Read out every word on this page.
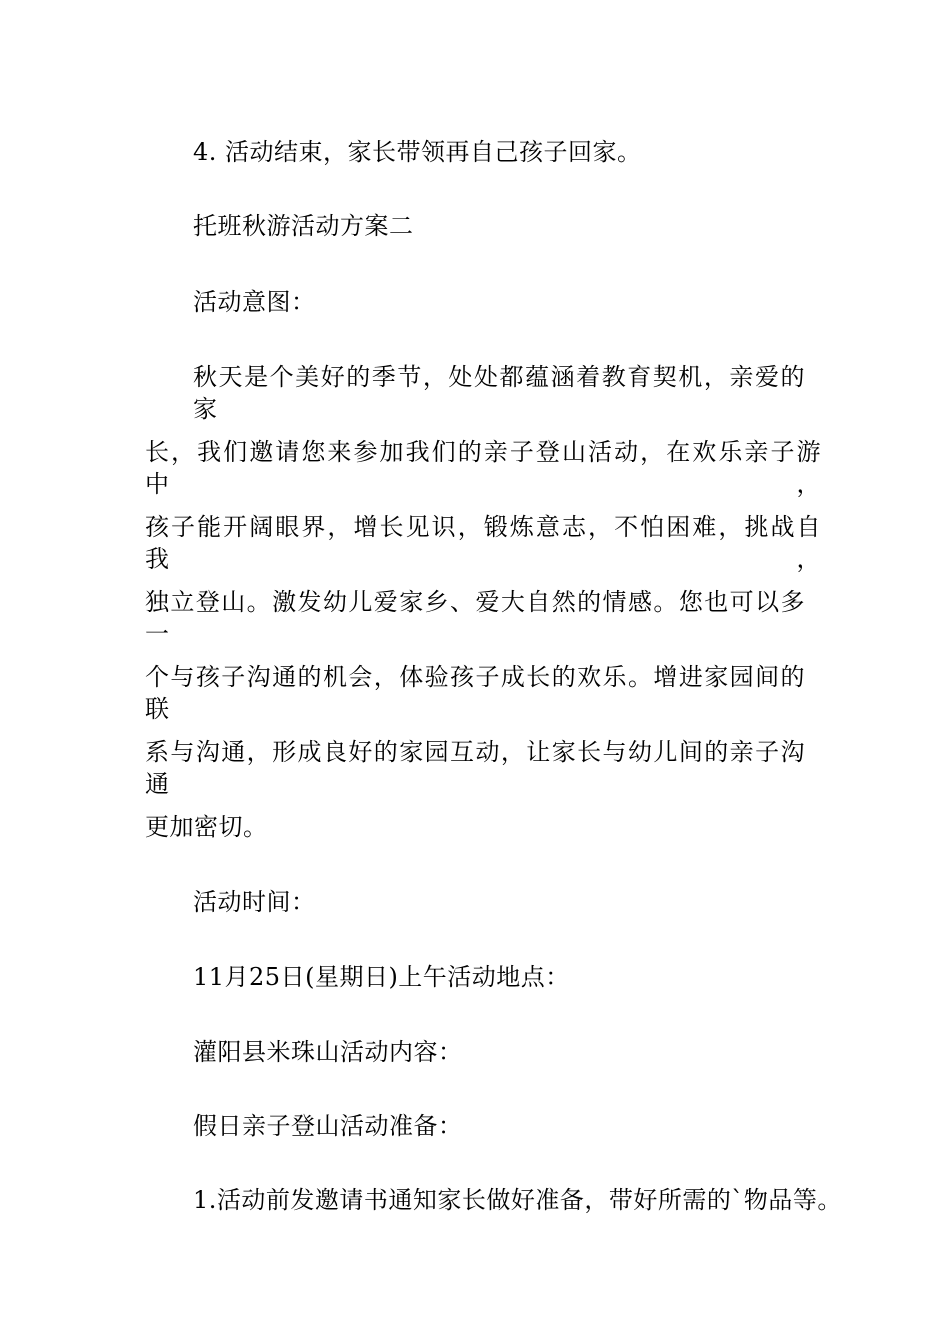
4. 活动结束，家长带领再自己孩子回家。
托班秋游活动方案二
活动意图：
秋天是个美好的季节，处处都蕴涵着教育契机，亲爱的家
长，我们邀请您来参加我们的亲子登山活动，在欢乐亲子游中，
孩子能开阔眼界，增长见识，锻炼意志，不怕困难，挑战自我，
独立登山。激发幼儿爱家乡、爱大自然的情感。您也可以多一
个与孩子沟通的机会，体验孩子成长的欢乐。增进家园间的联
系与沟通，形成良好的家园互动，让家长与幼儿间的亲子沟通
更加密切。
活动时间：
11月25日(星期日)上午活动地点：
灌阳县米珠山活动内容：
假日亲子登山活动准备：
1.活动前发邀请书通知家长做好准备，带好所需的`物品等。
